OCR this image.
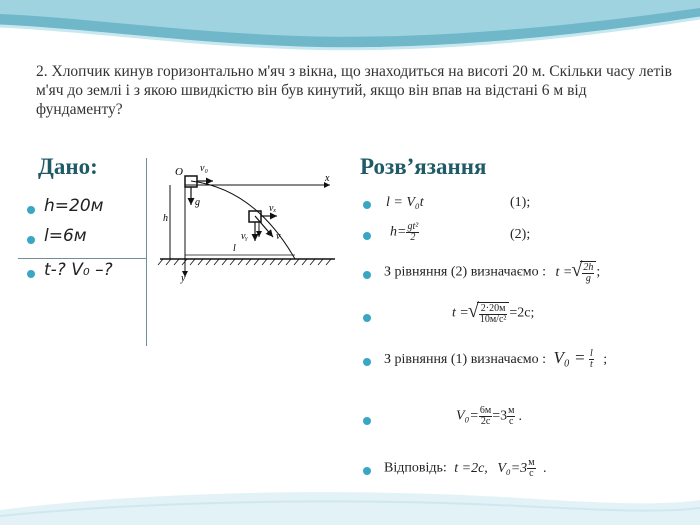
2. Хлопчик кинув горизонтально м'яч з вікна, що знаходиться на висоті 20 м. Скільки часу летів м'яч до землі і з якою швидкістю він був кинутий, якщо він впав на відстані 6 м від фундаменту?
Дано:
h=20м
l=6м
t-? V₀ –?
x
y
O v₀
g
h
vₓ
vᵧ	v
l
Розв’язання
l = V₀t	(1);
$h= \frac{\text{gt²}}{2}$	(2);
З рівняння (2) визначаємо : t = √ $\frac{2h}{g}$ ;
t = √ $\frac{2\cdot 20м}{\text{10м/с²}} =2с$;
З рівняння (1) визначаємо : $V_0 = \frac{l}{t}$ ;
$V_0= \frac{6м}{2с} =3 \frac{м}{с}$ .
Відповідь: t =2с, $V_0=3 \frac{м}{с}$ .
